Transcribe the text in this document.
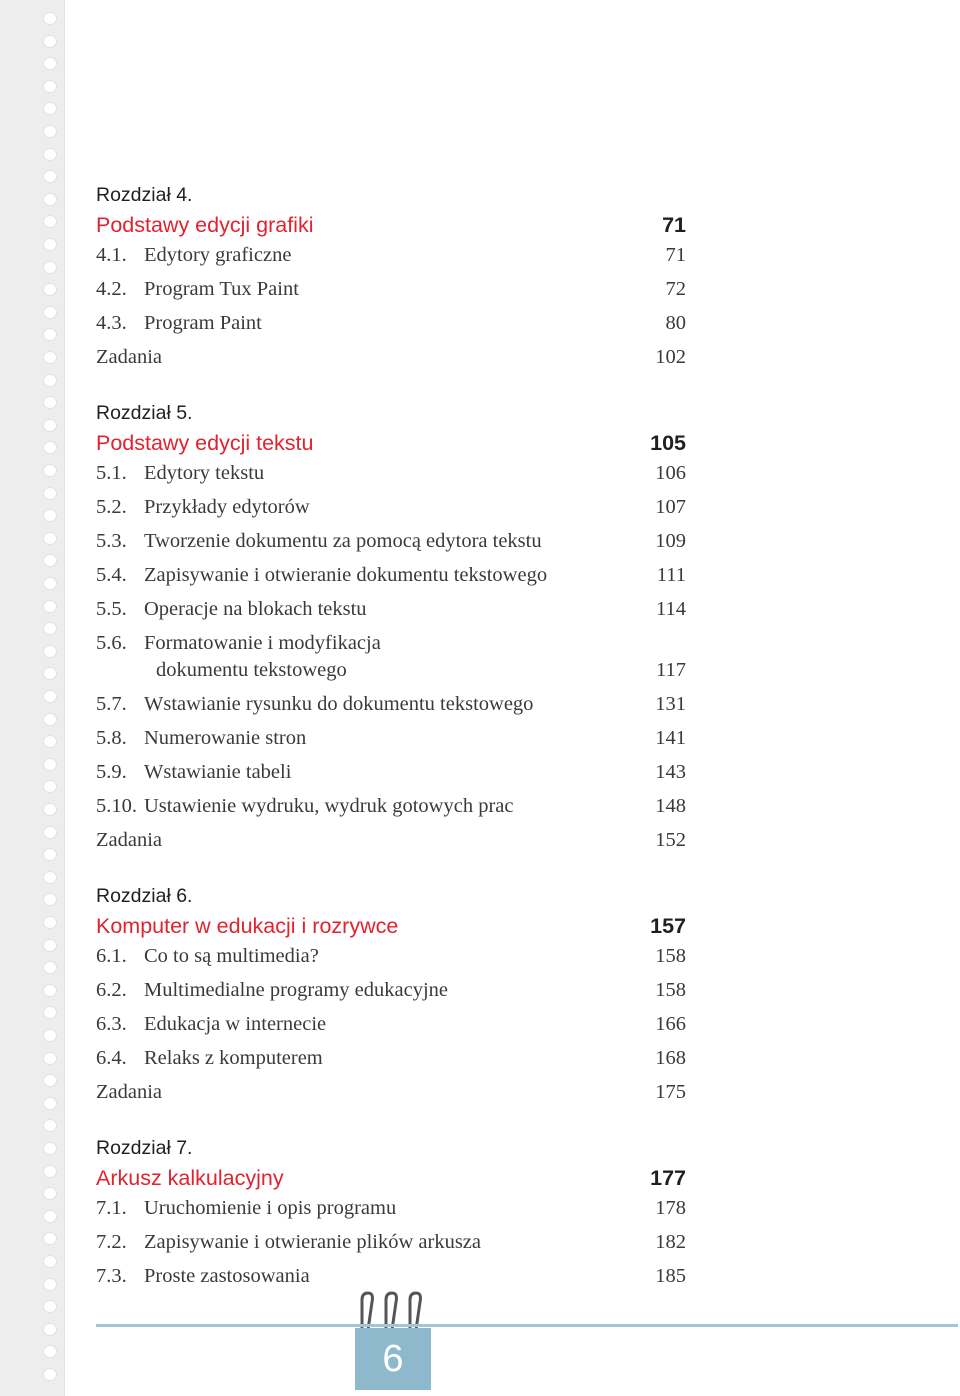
Rozdział 4.
Podstawy edycji grafiki	71
4.1. Edytory graficzne	71
4.2. Program Tux Paint	72
4.3. Program Paint	80
Zadania	102
Rozdział 5.
Podstawy edycji tekstu	105
5.1. Edytory tekstu	106
5.2. Przykłady edytorów	107
5.3. Tworzenie dokumentu za pomocą edytora tekstu	109
5.4. Zapisywanie i otwieranie dokumentu tekstowego	111
5.5. Operacje na blokach tekstu	114
5.6. Formatowanie i modyfikacja
dokumentu tekstowego	117
5.7. Wstawianie rysunku do dokumentu tekstowego	131
5.8. Numerowanie stron	141
5.9. Wstawianie tabeli	143
5.10. Ustawienie wydruku, wydruk gotowych prac	148
Zadania	152
Rozdział 6.
Komputer w edukacji i rozrywce	157
6.1. Co to są multimedia?	158
6.2. Multimedialne programy edukacyjne	158
6.3. Edukacja w internecie	166
6.4. Relaks z komputerem	168
Zadania	175
Rozdział 7.
Arkusz kalkulacyjny	177
7.1. Uruchomienie i opis programu	178
7.2. Zapisywanie i otwieranie plików arkusza	182
7.3. Proste zastosowania	185
6
